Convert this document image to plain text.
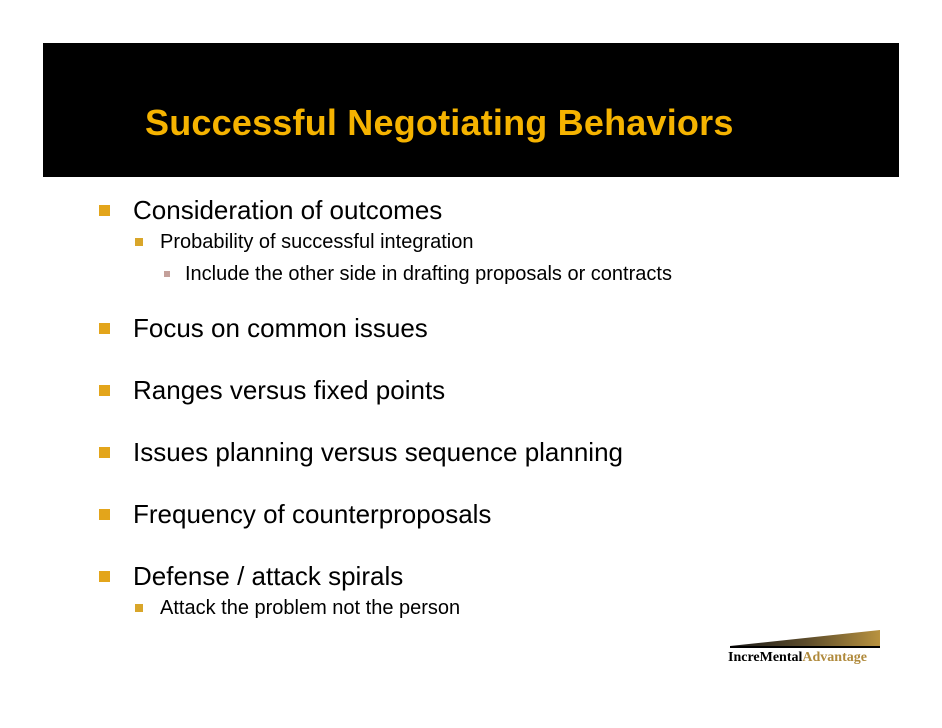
Successful Negotiating Behaviors
Consideration of outcomes
Probability of successful integration
Include the other side in drafting proposals or contracts
Focus on common issues
Ranges versus fixed points
Issues planning versus sequence planning
Frequency of counterproposals
Defense / attack spirals
Attack the problem not the person
IncreMentalAdvantage
